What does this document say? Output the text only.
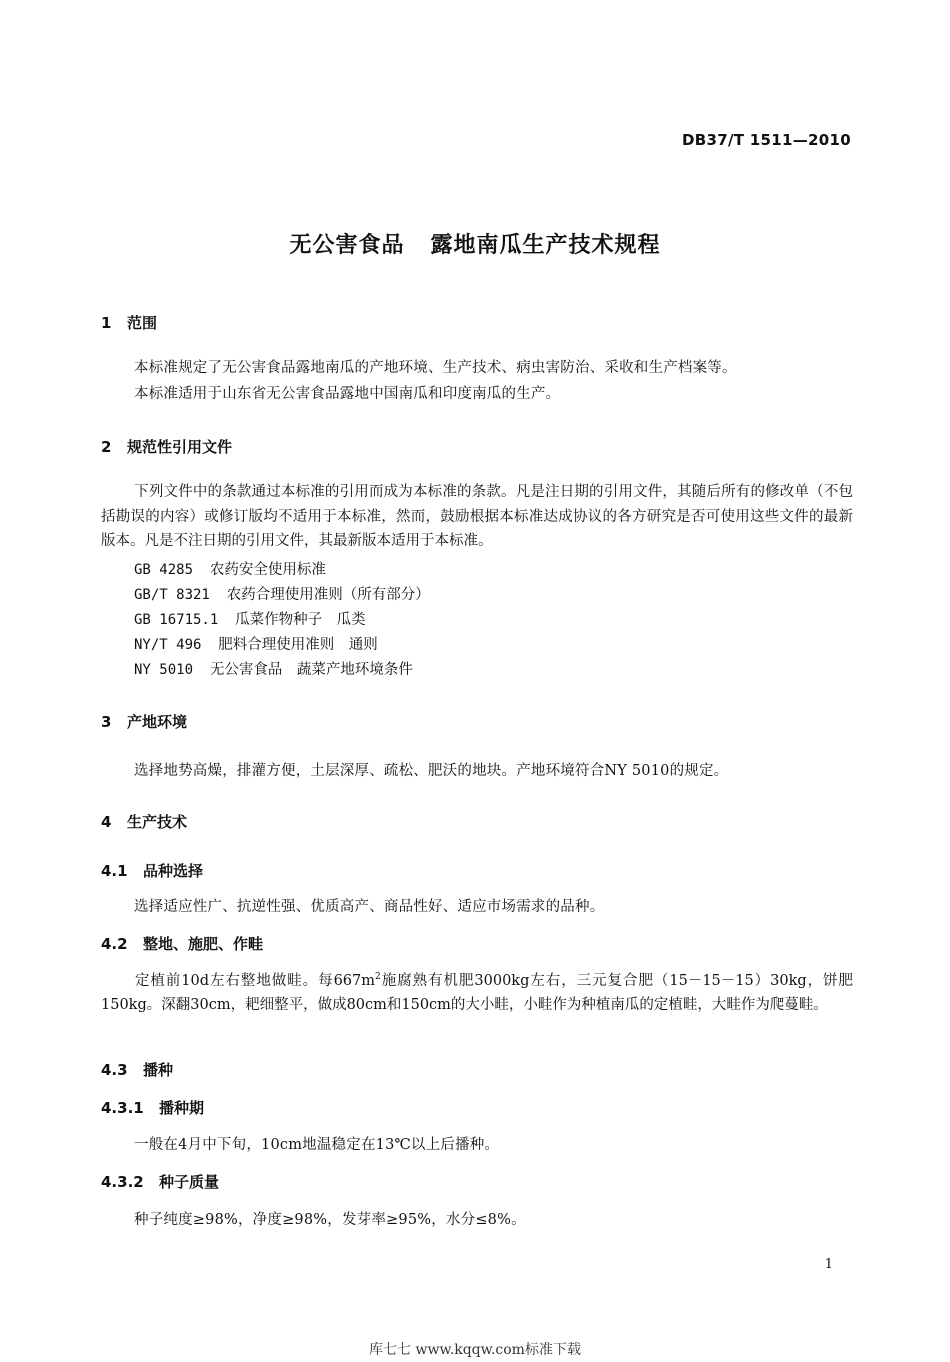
DB37/T 1511—2010
无公害食品 露地南瓜生产技术规程
1 范围
本标准规定了无公害食品露地南瓜的产地环境、生产技术、病虫害防治、采收和生产档案等。
本标准适用于山东省无公害食品露地中国南瓜和印度南瓜的生产。
2 规范性引用文件
下列文件中的条款通过本标准的引用而成为本标准的条款。凡是注日期的引用文件，其随后所有的修改单（不包括勘误的内容）或修订版均不适用于本标准，然而，鼓励根据本标准达成协议的各方研究是否可使用这些文件的最新版本。凡是不注日期的引用文件，其最新版本适用于本标准。
GB 4285 农药安全使用标准
GB/T 8321 农药合理使用准则（所有部分）
GB 16715.1 瓜菜作物种子　瓜类
NY/T 496 肥料合理使用准则　通则
NY 5010 无公害食品　蔬菜产地环境条件
3 产地环境
选择地势高燥，排灌方便，土层深厚、疏松、肥沃的地块。产地环境符合NY 5010的规定。
4 生产技术
4.1 品种选择
选择适应性广、抗逆性强、优质高产、商品性好、适应市场需求的品种。
4.2 整地、施肥、作畦
定植前10d左右整地做畦。每$667m^2$施腐熟有机肥3000kg左右，三元复合肥（15－15－15）30kg，饼肥150kg。深翻30cm，耙细整平，做成80cm和150cm的大小畦，小畦作为种植南瓜的定植畦，大畦作为爬蔓畦。
4.3 播种
4.3.1 播种期
一般在4月中下旬，10cm地温稳定在13℃以上后播种。
4.3.2 种子质量
种子纯度≥98%，净度≥98%，发芽率≥95%，水分≤8%。
1
库七七 www.kqqw.com标准下载
